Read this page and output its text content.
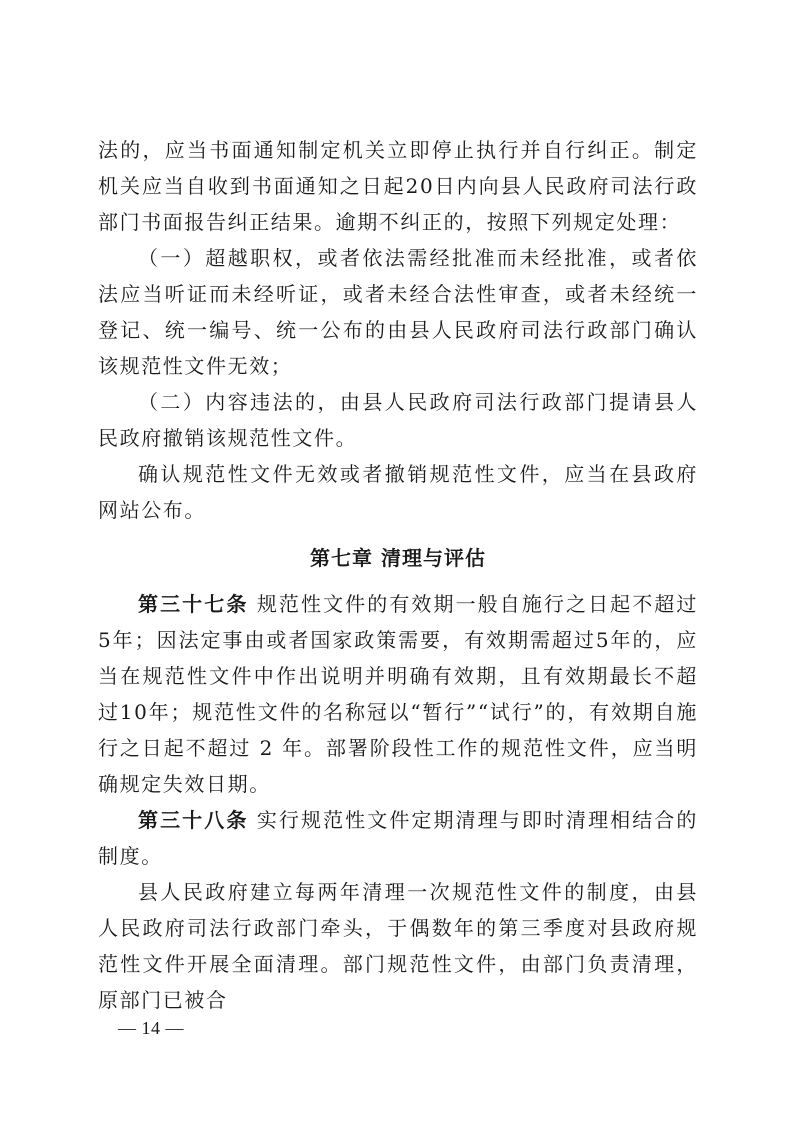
法的，应当书面通知制定机关立即停止执行并自行纠正。制定机关应当自收到书面通知之日起20日内向县人民政府司法行政部门书面报告纠正结果。逾期不纠正的，按照下列规定处理：

（一）超越职权，或者依法需经批准而未经批准，或者依法应当听证而未经听证，或者未经合法性审查，或者未经统一登记、统一编号、统一公布的由县人民政府司法行政部门确认该规范性文件无效；

（二）内容违法的，由县人民政府司法行政部门提请县人民政府撤销该规范性文件。

确认规范性文件无效或者撤销规范性文件，应当在县政府网站公布。

第七章 清理与评估

第三十七条 规范性文件的有效期一般自施行之日起不超过5年；因法定事由或者国家政策需要，有效期需超过5年的，应当在规范性文件中作出说明并明确有效期，且有效期最长不超过10年；规范性文件的名称冠以“暂行”“试行”的，有效期自施行之日起不超过 2 年。部署阶段性工作的规范性文件，应当明确规定失效日期。

第三十八条 实行规范性文件定期清理与即时清理相结合的制度。

县人民政府建立每两年清理一次规范性文件的制度，由县人民政府司法行政部门牵头，于偶数年的第三季度对县政府规范性文件开展全面清理。部门规范性文件，由部门负责清理，原部门已被合

— 14 —
